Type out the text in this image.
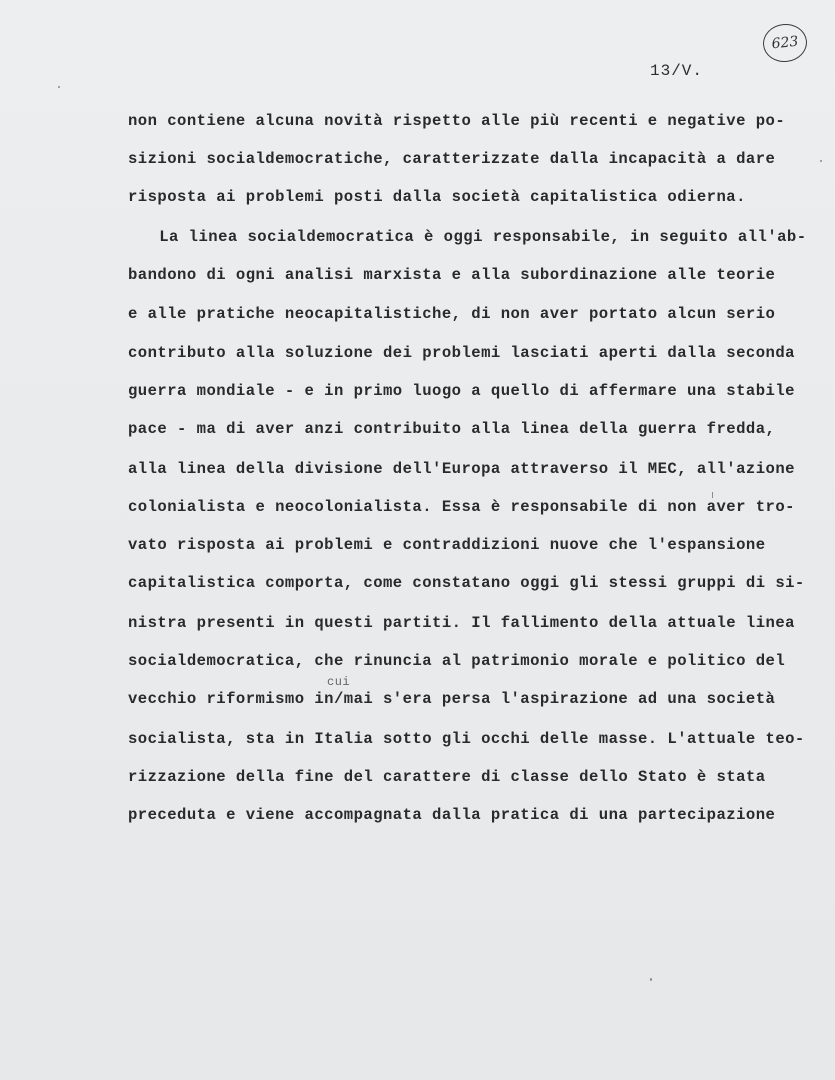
623
13/V.
cui
non contiene alcuna novità rispetto alle più recenti e negative po-
sizioni socialdemocratiche, caratterizzate dalla incapacità a dare
risposta ai problemi posti dalla società capitalistica odierna.
La linea socialdemocratica è oggi responsabile, in seguito all'ab-
bandono di ogni analisi marxista e alla subordinazione alle teorie
e alle pratiche neocapitalistiche, di non aver portato alcun serio
contributo alla soluzione dei problemi lasciati aperti dalla seconda
guerra mondiale - e in primo luogo a quello di affermare una stabile
pace - ma di aver anzi contribuito alla linea della guerra fredda,
alla linea della divisione dell'Europa attraverso il MEC, all'azione
colonialista e neocolonialista. Essa è responsabile di non aver tro-
vato risposta ai problemi e contraddizioni nuove che l'espansione
capitalistica comporta, come constatano oggi gli stessi gruppi di si-
nistra presenti in questi partiti. Il fallimento della attuale linea
socialdemocratica, che rinuncia al patrimonio morale e politico del
vecchio riformismo in/mai s'era persa l'aspirazione ad una società
socialista, sta in Italia sotto gli occhi delle masse. L'attuale teo-
rizzazione della fine del carattere di classe dello Stato è stata
preceduta e viene accompagnata dalla pratica di una partecipazione
